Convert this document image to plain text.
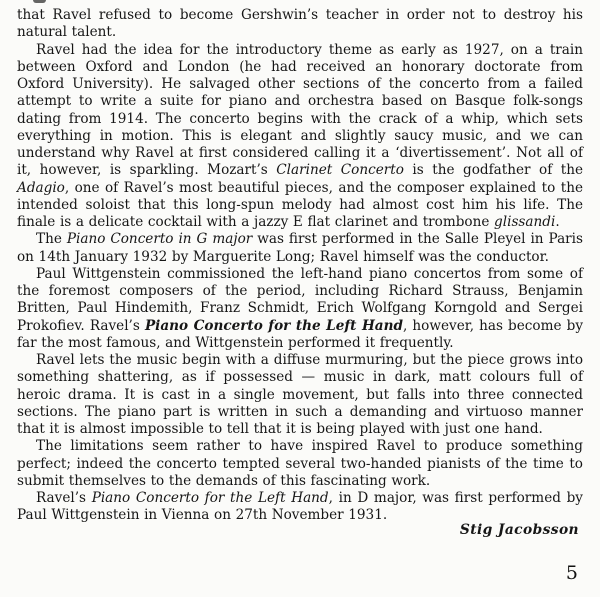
that Ravel refused to become Gershwin’s teacher in order not to destroy his natural talent.

Ravel had the idea for the introductory theme as early as 1927, on a train between Oxford and London (he had received an honorary doctorate from Oxford University). He salvaged other sections of the concerto from a failed attempt to write a suite for piano and orchestra based on Basque folk-songs dating from 1914. The concerto begins with the crack of a whip, which sets everything in motion. This is elegant and slightly saucy music, and we can understand why Ravel at first considered calling it a ‘divertissement’. Not all of it, however, is sparkling. Mozart’s Clarinet Concerto is the godfather of the Adagio, one of Ravel’s most beautiful pieces, and the composer explained to the intended soloist that this long-spun melody had almost cost him his life. The finale is a delicate cocktail with a jazzy E flat clarinet and trombone glissandi.

The Piano Concerto in G major was first performed in the Salle Pleyel in Paris on 14th January 1932 by Marguerite Long; Ravel himself was the conductor.

Paul Wittgenstein commissioned the left-hand piano concertos from some of the foremost composers of the period, including Richard Strauss, Benjamin Britten, Paul Hindemith, Franz Schmidt, Erich Wolfgang Korngold and Sergei Prokofiev. Ravel’s Piano Concerto for the Left Hand, however, has become by far the most famous, and Wittgenstein performed it frequently.

Ravel lets the music begin with a diffuse murmuring, but the piece grows into something shattering, as if possessed — music in dark, matt colours full of heroic drama. It is cast in a single movement, but falls into three connected sections. The piano part is written in such a demanding and virtuoso manner that it is almost impossible to tell that it is being played with just one hand.

The limitations seem rather to have inspired Ravel to produce something perfect; indeed the concerto tempted several two-handed pianists of the time to submit themselves to the demands of this fascinating work.

Ravel’s Piano Concerto for the Left Hand, in D major, was first performed by Paul Wittgenstein in Vienna on 27th November 1931.

Stig Jacobsson
5
